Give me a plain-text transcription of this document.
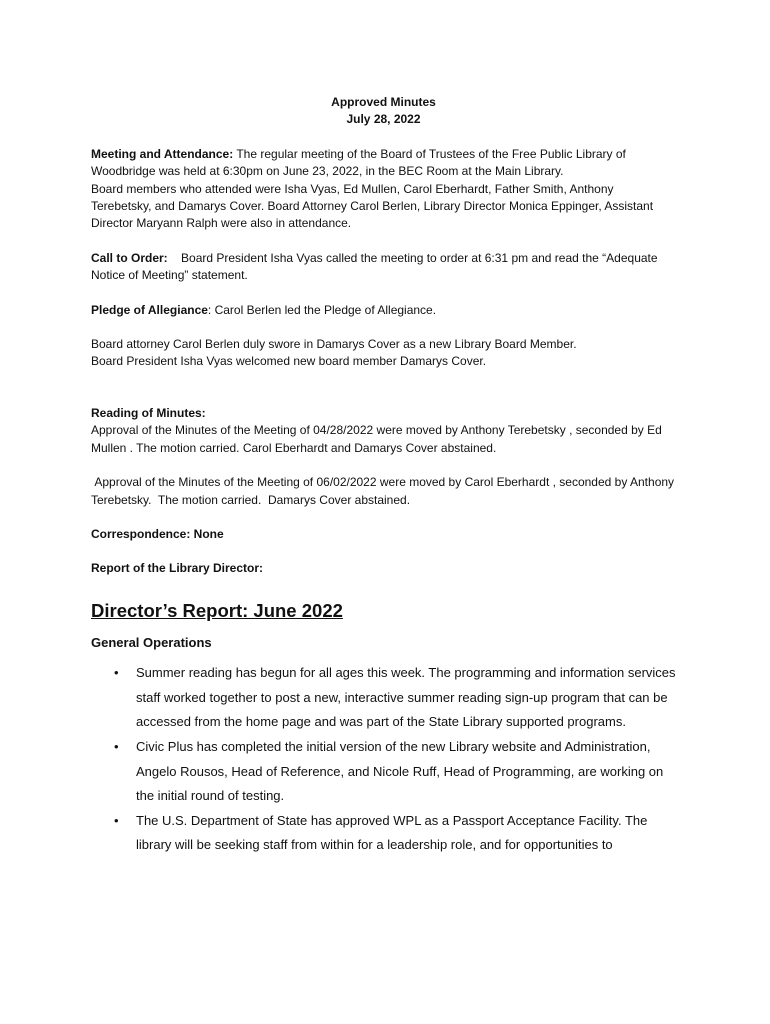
Approved Minutes
July 28, 2022

Meeting and Attendance: The regular meeting of the Board of Trustees of the Free Public Library of Woodbridge was held at 6:30pm on June 23, 2022, in the BEC Room at the Main Library.
Board members who attended were Isha Vyas, Ed Mullen, Carol Eberhardt, Father Smith, Anthony Terebetsky, and Damarys Cover. Board Attorney Carol Berlen, Library Director Monica Eppinger, Assistant Director Maryann Ralph were also in attendance.

Call to Order:    Board President Isha Vyas called the meeting to order at 6:31 pm and read the “Adequate Notice of Meeting” statement.

Pledge of Allegiance: Carol Berlen led the Pledge of Allegiance.

Board attorney Carol Berlen duly swore in Damarys Cover as a new Library Board Member.
Board President Isha Vyas welcomed new board member Damarys Cover.

Reading of Minutes:
Approval of the Minutes of the Meeting of 04/28/2022 were moved by Anthony Terebetsky , seconded by Ed Mullen . The motion carried. Carol Eberhardt and Damarys Cover abstained.

Approval of the Minutes of the Meeting of 06/02/2022 were moved by Carol Eberhardt , seconded by Anthony Terebetsky.  The motion carried.  Damarys Cover abstained.

Correspondence: None

Report of the Library Director:

Director’s Report: June 2022
General Operations
• Summer reading has begun for all ages this week. The programming and information services staff worked together to post a new, interactive summer reading sign-up program that can be accessed from the home page and was part of the State Library supported programs.
• Civic Plus has completed the initial version of the new Library website and Administration, Angelo Rousos, Head of Reference, and Nicole Ruff, Head of Programming, are working on the initial round of testing.
• The U.S. Department of State has approved WPL as a Passport Acceptance Facility. The library will be seeking staff from within for a leadership role, and for opportunities to
